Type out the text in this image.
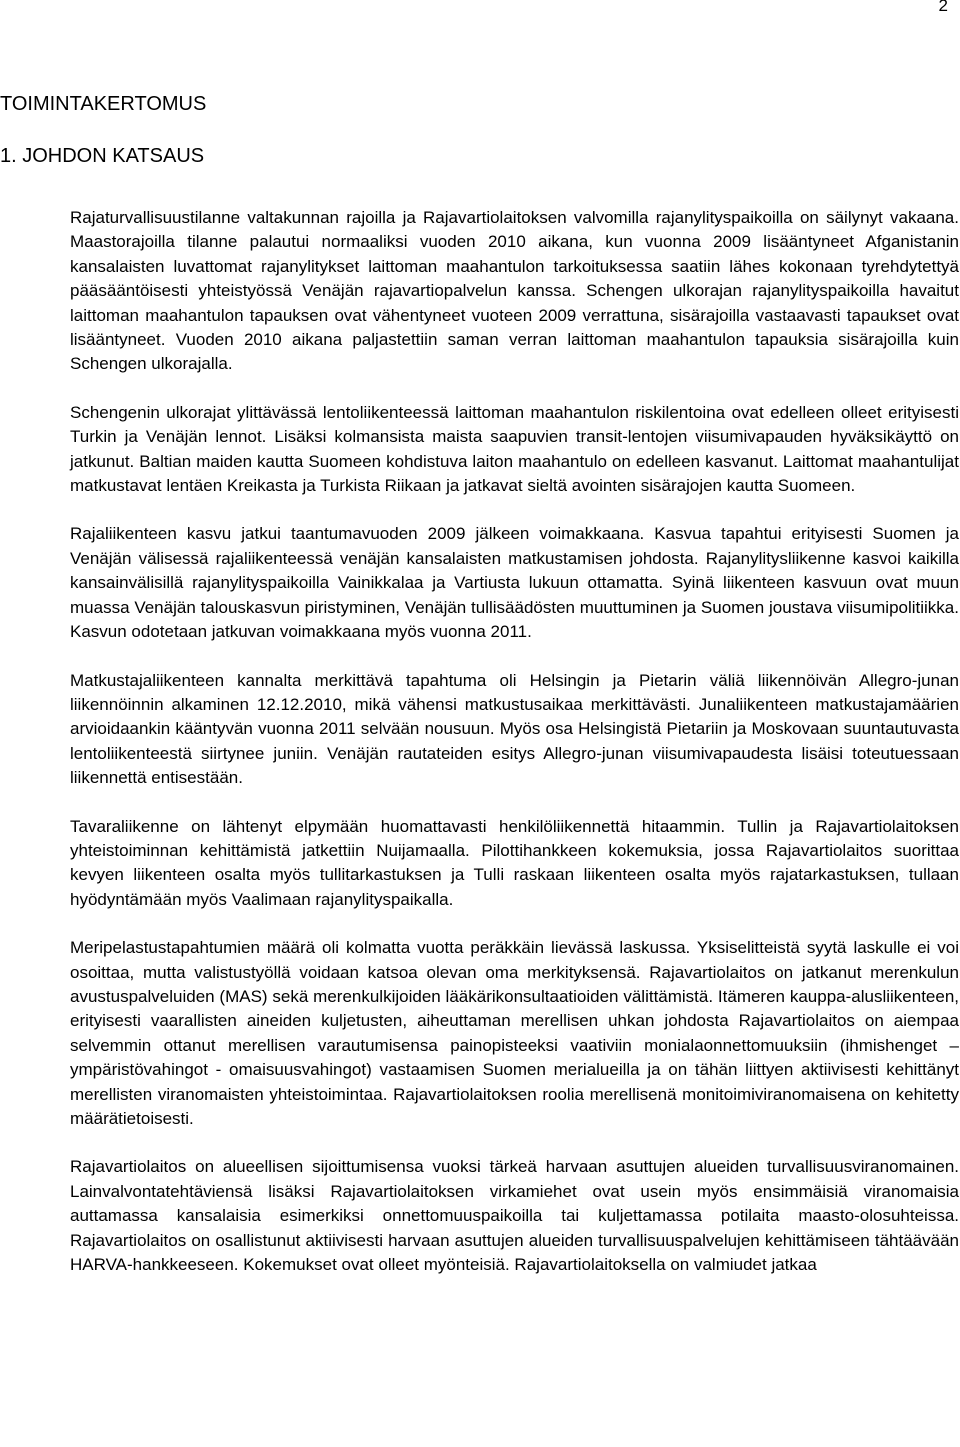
2
TOIMINTAKERTOMUS
1. JOHDON KATSAUS

Rajaturvallisuustilanne valtakunnan rajoilla ja Rajavartiolaitoksen valvomilla rajanylityspaikoilla on säilynyt vakaana. Maastorajoilla tilanne palautui normaaliksi vuoden 2010 aikana, kun vuonna 2009 lisääntyneet Afganistanin kansalaisten luvattomat rajanylitykset laittoman maahantulon tarkoituksessa saatiin lähes kokonaan tyrehdytettyä pääsääntöisesti yhteistyössä Venäjän rajavartiopalvelun kanssa. Schengen ulkorajan rajanylityspaikoilla havaitut laittoman maahantulon tapauksen ovat vähentyneet vuoteen 2009 verrattuna, sisärajoilla vastaavasti tapaukset ovat lisääntyneet. Vuoden 2010 aikana paljastettiin saman verran laittoman maahantulon tapauksia sisärajoilla kuin Schengen ulkorajalla.

Schengenin ulkorajat ylittävässä lentoliikenteessä laittoman maahantulon riskilentoina ovat edelleen olleet erityisesti Turkin ja Venäjän lennot. Lisäksi kolmansista maista saapuvien transit-lentojen viisumivapauden hyväksikäyttö on jatkunut. Baltian maiden kautta Suomeen kohdistuva laiton maahantulo on edelleen kasvanut. Laittomat maahantulijat matkustavat lentäen Kreikasta ja Turkista Riikaan ja jatkavat sieltä avointen sisärajojen kautta Suomeen.

Rajaliikenteen kasvu jatkui taantumavuoden 2009 jälkeen voimakkaana. Kasvua tapahtui erityisesti Suomen ja Venäjän välisessä rajaliikenteessä venäjän kansalaisten matkustamisen johdosta. Rajanylitysliikenne kasvoi kaikilla kansainvälisillä rajanylityspaikoilla Vainikkalaa ja Vartiusta lukuun ottamatta. Syinä liikenteen kasvuun ovat muun muassa Venäjän talouskasvun piristyminen, Venäjän tullisäädösten muuttuminen ja Suomen joustava viisumipolitiikka. Kasvun odotetaan jatkuvan voimakkaana myös vuonna 2011.

Matkustajaliikenteen kannalta merkittävä tapahtuma oli Helsingin ja Pietarin väliä liikennöivän Allegro-junan liikennöinnin alkaminen 12.12.2010, mikä vähensi matkustusaikaa merkittävästi. Junaliikenteen matkustajamäärien arvioidaankin kääntyvän vuonna 2011 selvään nousuun. Myös osa Helsingistä Pietariin ja Moskovaan suuntautuvasta lentoliikenteestä siirtynee juniin. Venäjän rautateiden esitys Allegro-junan viisumivapaudesta lisäisi toteutuessaan liikennettä entisestään.

Tavaraliikenne on lähtenyt elpymään huomattavasti henkilöliikennettä hitaammin. Tullin ja Rajavartiolaitoksen yhteistoiminnan kehittämistä jatkettiin Nuijamaalla. Pilottihankkeen kokemuksia, jossa Rajavartiolaitos suorittaa kevyen liikenteen osalta myös tullitarkastuksen ja Tulli raskaan liikenteen osalta myös rajatarkastuksen, tullaan hyödyntämään myös Vaalimaan rajanylityspaikalla.

Meripelastustapahtumien määrä oli kolmatta vuotta peräkkäin lievässä laskussa. Yksiselitteistä syytä laskulle ei voi osoittaa, mutta valistustyöllä voidaan katsoa olevan oma merkityksensä. Rajavartiolaitos on jatkanut merenkulun avustuspalveluiden (MAS) sekä merenkulkijoiden lääkärikonsultaatioiden välittämistä. Itämeren kauppa-alusliikenteen, erityisesti vaarallisten aineiden kuljetusten, aiheuttaman merellisen uhkan johdosta Rajavartiolaitos on aiempaa selvemmin ottanut merellisen varautumisensa painopisteeksi vaativiin monialaonnettomuuksiin (ihmishenget – ympäristövahingot - omaisuusvahingot) vastaamisen Suomen merialueilla ja on tähän liittyen aktiivisesti kehittänyt merellisten viranomaisten yhteistoimintaa. Rajavartiolaitoksen roolia merellisenä monitoimiviranomaisena on kehitetty määrätietoisesti.

Rajavartiolaitos on alueellisen sijoittumisensa vuoksi tärkeä harvaan asuttujen alueiden turvallisuusviranomainen. Lainvalvontatehtäviensä lisäksi Rajavartiolaitoksen virkamiehet ovat usein myös ensimmäisiä viranomaisia auttamassa kansalaisia esimerkiksi onnettomuuspaikoilla tai kuljettamassa potilaita maasto-olosuhteissa. Rajavartiolaitos on osallistunut aktiivisesti harvaan asuttujen alueiden turvallisuuspalvelujen kehittämiseen tähtäävään HARVA-hankkeeseen. Kokemukset ovat olleet myönteisiä. Rajavartiolaitoksella on valmiudet jatkaa
